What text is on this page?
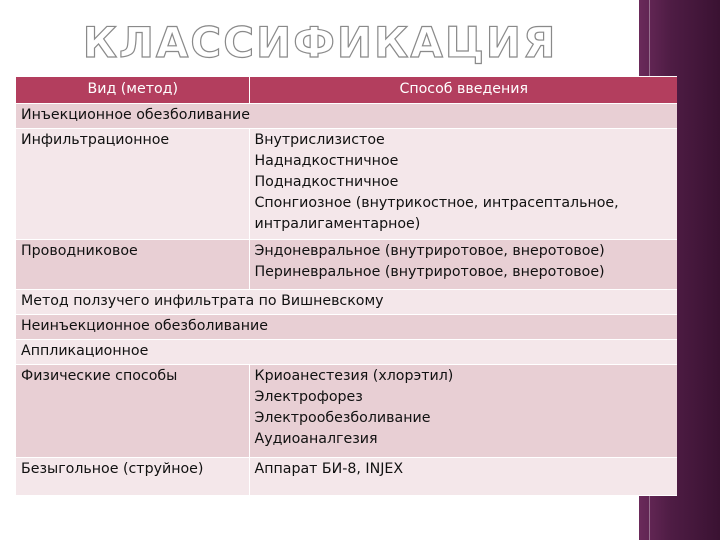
КЛАССИФИКАЦИЯ
Вид (метод)	Способ введения
Инъекционное обезболивание	
Инфильтрационное	Внутрислизистое
Наднадкостничное
Поднадкостничное
Спонгиозное (внутрикостное, интрасептальное,
интралигаментарное)

Проводниковое	Эндоневральное (внутриротовое, внеротовое)
Периневральное (внутриротовое, внеротовое)

Метод ползучего инфильтрата по Вишневскому	
Неинъекционное обезболивание	
Аппликационное	
Физические способы	Криоанестезия (хлорэтил)
Электрофорез
Электрообезболивание
Аудиоаналгезия

Безыгольное (струйное)	Аппарат БИ-8, INJEX
